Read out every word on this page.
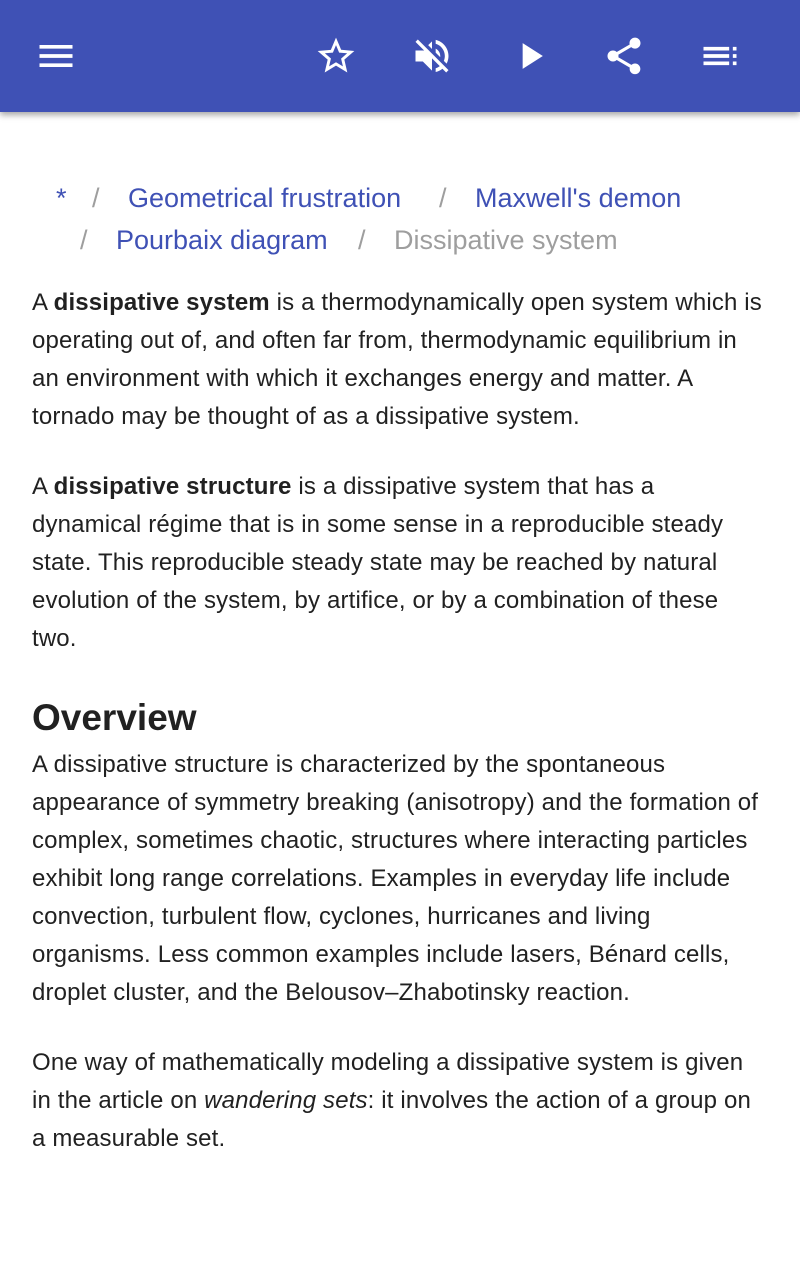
* / Geometrical frustration / Maxwell's demon
/ Pourbaix diagram / Dissipative system

A dissipative system is a thermodynamically open system which is operating out of, and often far from, thermodynamic equilibrium in an environment with which it exchanges energy and matter. A tornado may be thought of as a dissipative system.

A dissipative structure is a dissipative system that has a dynamical régime that is in some sense in a reproducible steady state. This reproducible steady state may be reached by natural evolution of the system, by artifice, or by a combination of these two.

Overview

A dissipative structure is characterized by the spontaneous appearance of symmetry breaking (anisotropy) and the formation of complex, sometimes chaotic, structures where interacting particles exhibit long range correlations. Examples in everyday life include convection, turbulent flow, cyclones, hurricanes and living organisms. Less common examples include lasers, Bénard cells, droplet cluster, and the Belousov–Zhabotinsky reaction.

One way of mathematically modeling a dissipative system is given in the article on wandering sets: it involves the action of a group on a measurable set.
